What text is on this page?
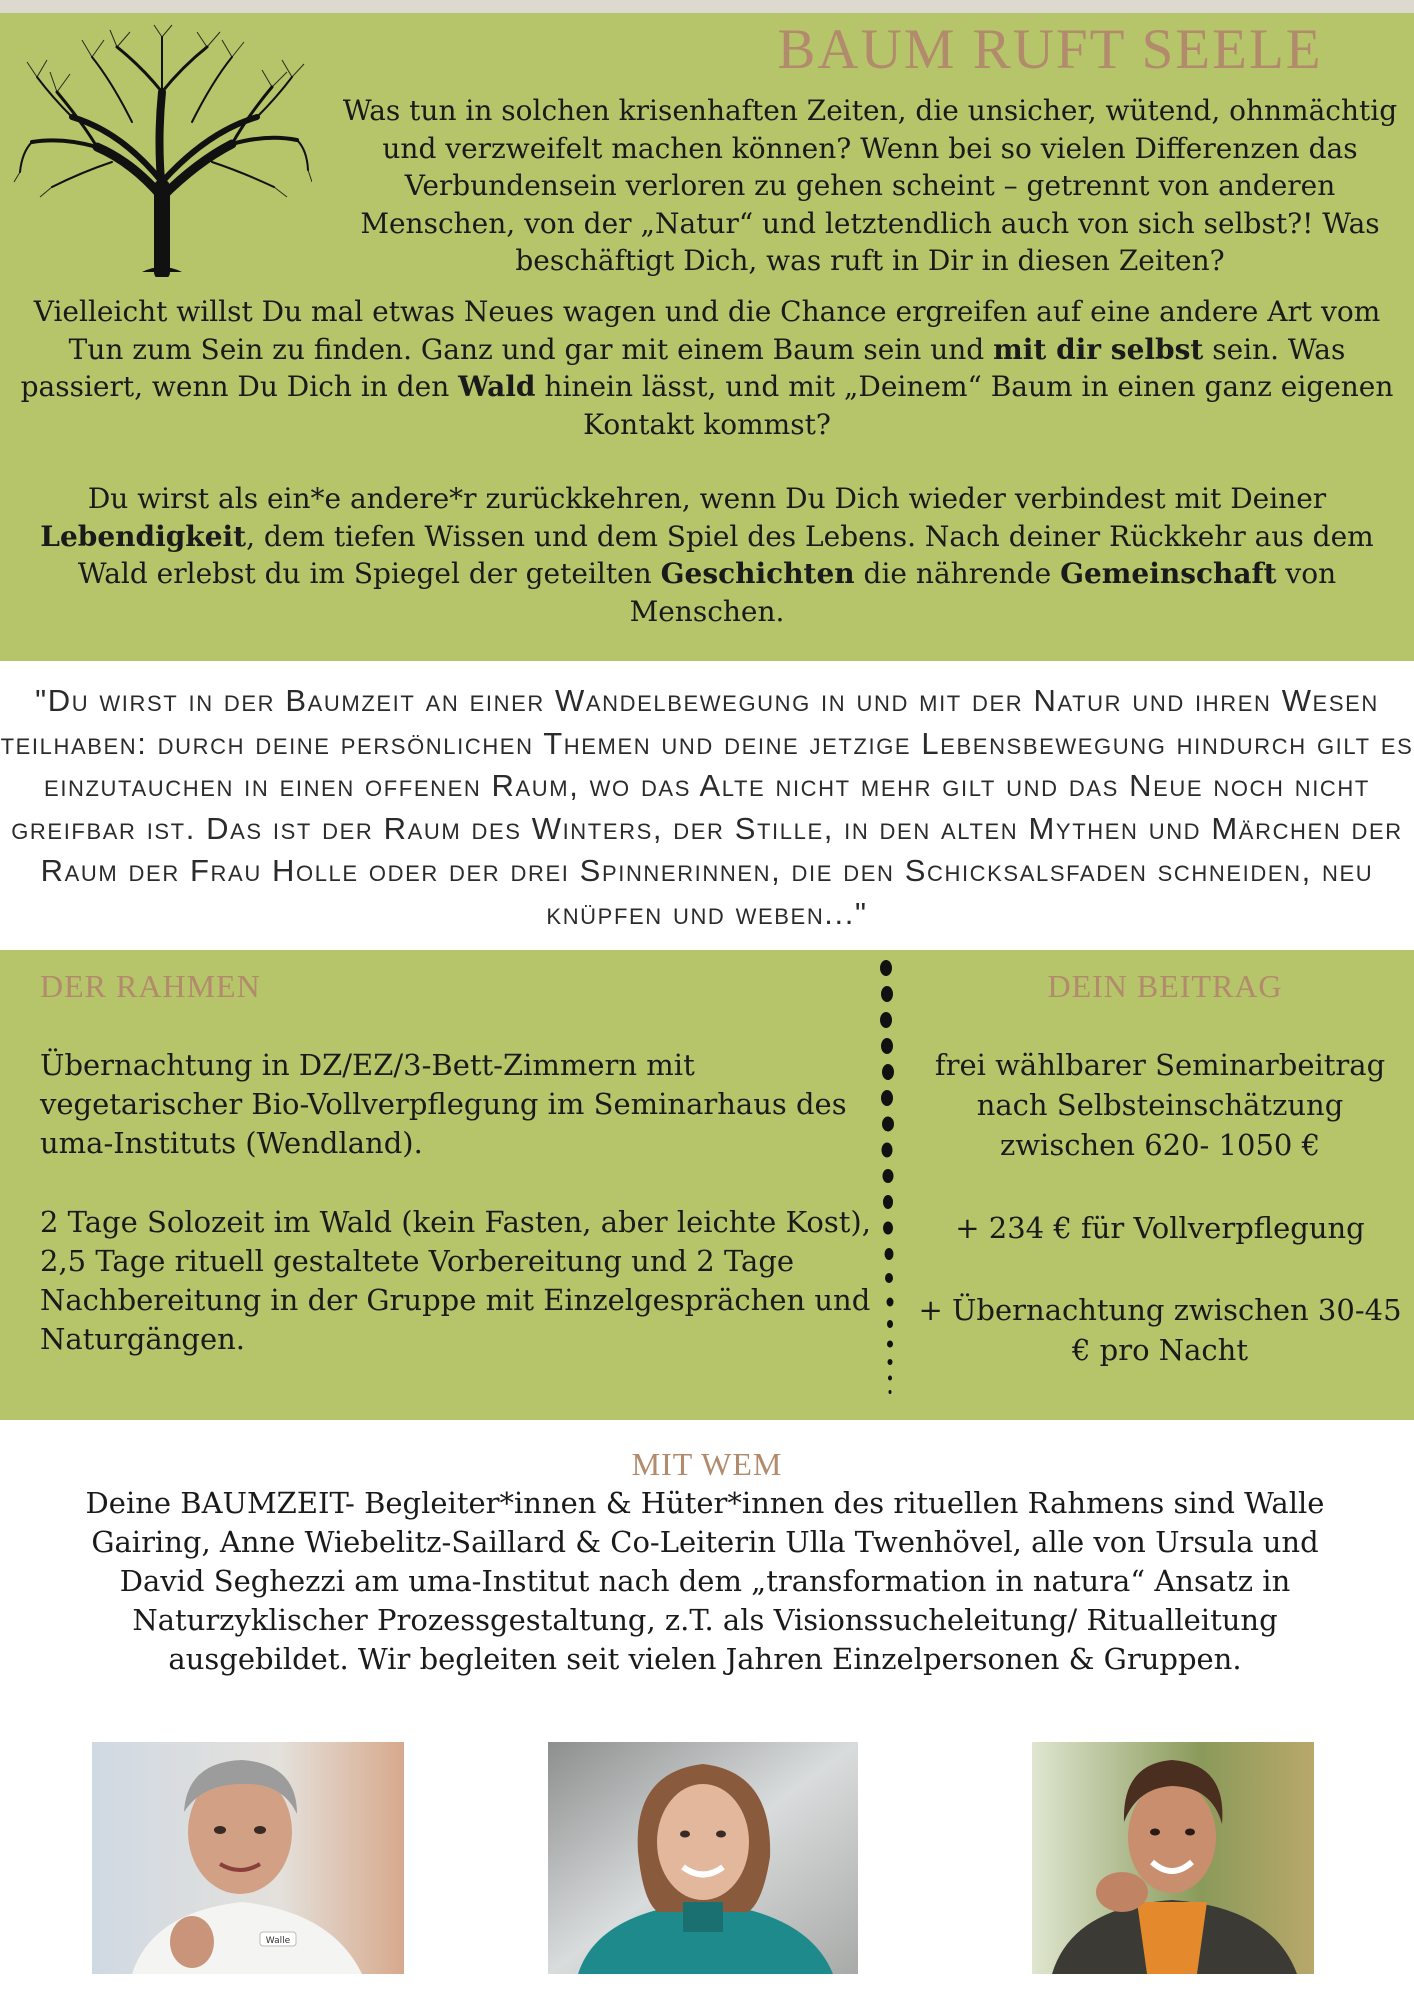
BAUM RUFT SEELE

Was tun in solchen krisenhaften Zeiten, die unsicher, wütend, ohnmächtig und verzweifelt machen können? Wenn bei so vielen Differenzen das Verbundensein verloren zu gehen scheint – getrennt von anderen Menschen, von der „Natur“ und letztendlich auch von sich selbst?! Was beschäftigt Dich, was ruft in Dir in diesen Zeiten?

Vielleicht willst Du mal etwas Neues wagen und die Chance ergreifen auf eine andere Art vom Tun zum Sein zu finden. Ganz und gar mit einem Baum sein und mit dir selbst sein. Was passiert, wenn Du Dich in den Wald hinein lässt, und mit „Deinem“ Baum in einen ganz eigenen Kontakt kommst?

Du wirst als ein*e andere*r zurückkehren, wenn Du Dich wieder verbindest mit Deiner Lebendigkeit, dem tiefen Wissen und dem Spiel des Lebens. Nach deiner Rückkehr aus dem Wald erlebst du im Spiegel der geteilten Geschichten die nährende Gemeinschaft von Menschen.

"Du wirst in der Baumzeit an einer Wandelbewegung in und mit der Natur und ihren Wesen teilhaben: durch deine persönlichen Themen und deine jetzige Lebensbewegung hindurch gilt es einzutauchen in einen offenen Raum, wo das Alte nicht mehr gilt und das Neue noch nicht greifbar ist. Das ist der Raum des Winters, der Stille, in den alten Mythen und Märchen der Raum der Frau Holle oder der drei Spinnerinnen, die den Schicksalsfaden schneiden, neu knüpfen und weben..."

DER RAHMEN

Übernachtung in DZ/EZ/3-Bett-Zimmern mit vegetarischer Bio-Vollverpflegung im Seminarhaus des uma-Instituts (Wendland).

2 Tage Solozeit im Wald (kein Fasten, aber leichte Kost), 2,5 Tage rituell gestaltete Vorbereitung und 2 Tage Nachbereitung in der Gruppe mit Einzelgesprächen und Naturgängen.

DEIN BEITRAG

frei wählbarer Seminarbeitrag nach Selbsteinschätzung zwischen 620- 1050 €

+ 234 € für Vollverpflegung

+ Übernachtung zwischen 30-45 € pro Nacht

MIT WEM

Deine BAUMZEIT- Begleiter*innen & Hüter*innen des rituellen Rahmens sind Walle Gairing, Anne Wiebelitz-Saillard & Co-Leiterin Ulla Twenhövel, alle von Ursula und David Seghezzi am uma-Institut nach dem „transformation in natura“ Ansatz in Naturzyklischer Prozessgestaltung, z.T. als Visionssucheleitung/ Ritualleitung ausgebildet. Wir begleiten seit vielen Jahren Einzelpersonen & Gruppen.

Walle
